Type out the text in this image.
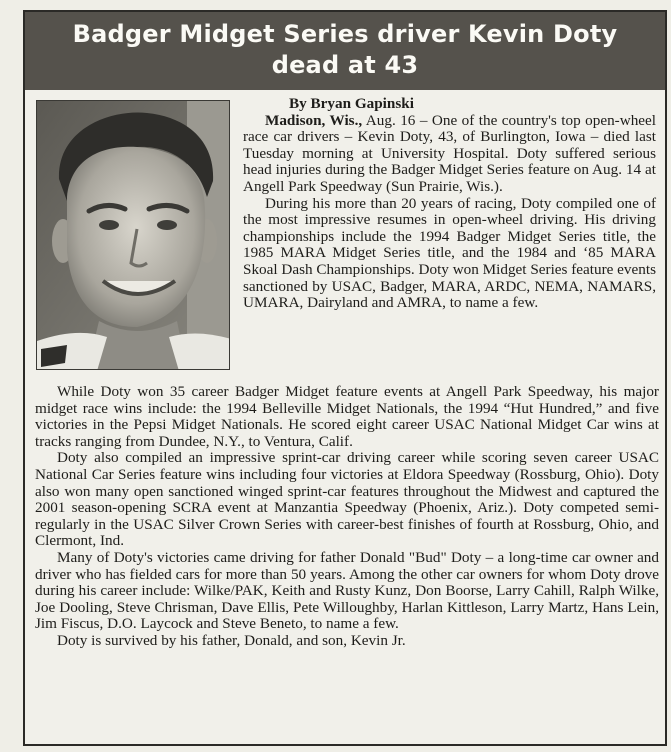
Badger Midget Series driver Kevin Doty
dead at 43

By Bryan Gapinski

Madison, Wis., Aug. 16 – One of the country's top open-wheel race car drivers – Kevin Doty, 43, of Burlington, Iowa – died last Tuesday morning at University Hospital. Doty suffered serious head injuries during the Badger Midget Series feature on Aug. 14 at Angell Park Speedway (Sun Prairie, Wis.).

During his more than 20 years of racing, Doty compiled one of the most impressive resumes in open-wheel driving. His driving championships include the 1994 Badger Midget Series title, the 1985 MARA Midget Series title, and the 1984 and ‘85 MARA Skoal Dash Championships. Doty won Midget Series feature events sanctioned by USAC, Badger, MARA, ARDC, NEMA, NAMARS, UMARA, Dairyland and AMRA, to name a few.

While Doty won 35 career Badger Midget feature events at Angell Park Speedway, his major midget race wins include: the 1994 Belleville Midget Nationals, the 1994 “Hut Hundred,” and five victories in the Pepsi Midget Nationals. He scored eight career USAC National Midget Car wins at tracks ranging from Dundee, N.Y., to Ventura, Calif.

Doty also compiled an impressive sprint-car driving career while scoring seven career USAC National Car Series feature wins including four victories at Eldora Speedway (Rossburg, Ohio). Doty also won many open sanctioned winged sprint-car features throughout the Midwest and captured the 2001 season-opening SCRA event at Manzantia Speedway (Phoenix, Ariz.). Doty competed semi-regularly in the USAC Silver Crown Series with career-best finishes of fourth at Rossburg, Ohio, and Clermont, Ind.

Many of Doty's victories came driving for father Donald "Bud" Doty – a long-time car owner and driver who has fielded cars for more than 50 years. Among the other car owners for whom Doty drove during his career include: Wilke/PAK, Keith and Rusty Kunz, Don Boorse, Larry Cahill, Ralph Wilke, Joe Dooling, Steve Chrisman, Dave Ellis, Pete Willoughby, Harlan Kittleson, Larry Martz, Hans Lein, Jim Fiscus, D.O. Laycock and Steve Beneto, to name a few.

Doty is survived by his father, Donald, and son, Kevin Jr.
